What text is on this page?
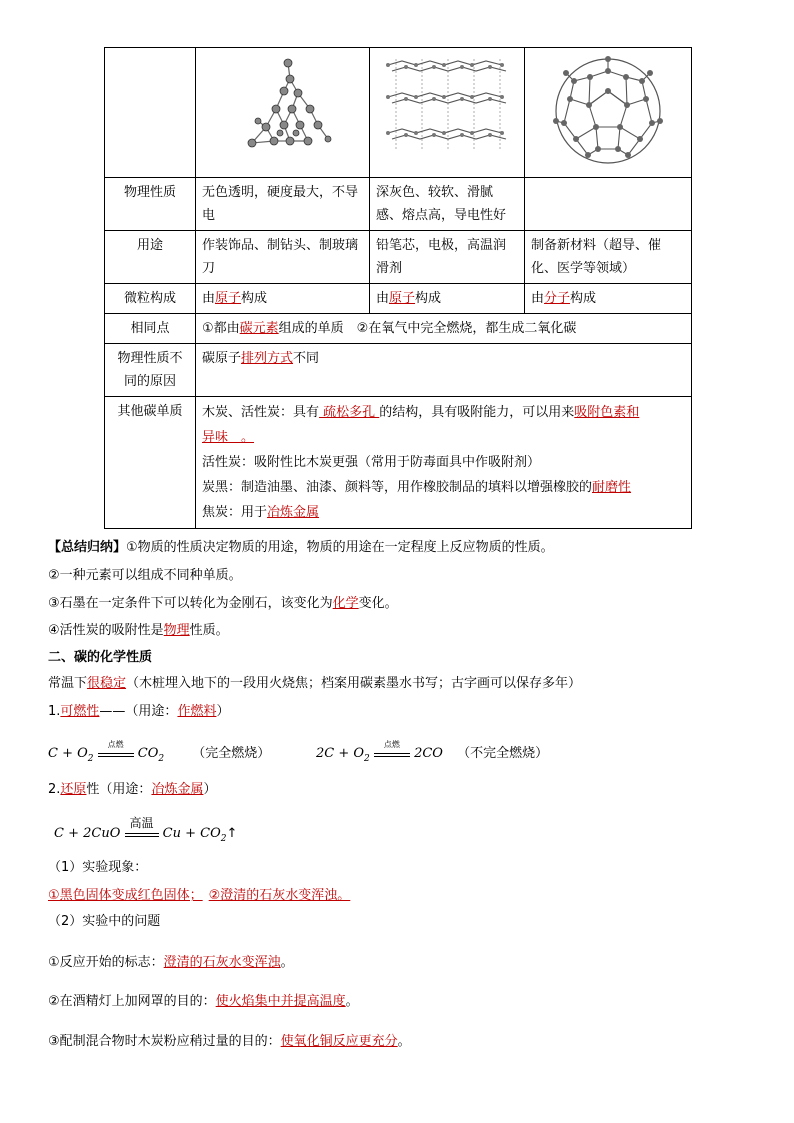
物理性质	无色透明，硬度最大，不导电	深灰色、较软、滑腻感、熔点高，导电性好	
用途	作装饰品、制钻头、制玻璃刀	铅笔芯，电极，高温润滑剂	制备新材料（超导、催化、医学等领域）
微粒构成	由原子构成	由原子构成	由分子构成
相同点	①都由碳元素组成的单质　②在氧气中完全燃烧，都生成二氧化碳		
物理性质不
同的原因	碳原子排列方式不同		
其他碳单质	木炭、活性炭：具有 疏松多孔 的结构，具有吸附能力，可以用来吸附色素和
异味　。
活性炭：吸附性比木炭更强（常用于防毒面具中作吸附剂）
炭黑：制造油墨、油漆、颜料等，用作橡胶制品的填料以增强橡胶的耐磨性
焦炭：用于冶炼金属		
【总结归纳】①物质的性质决定物质的用途，物质的用途在一定程度上反应物质的性质。
②一种元素可以组成不同种单质。
③石墨在一定条件下可以转化为金刚石，该变化为化学变化。
④活性炭的吸附性是物理性质。
二、碳的化学性质
常温下很稳定（木桩埋入地下的一段用火烧焦；档案用碳素墨水书写；古字画可以保存多年）
1.可燃性——（用途：作燃料）
$C + O_2$
点燃
$CO_2$ （完全燃烧）	$2C + O_2$
点燃
2CO （不完全燃烧）
2.还原性（用途：冶炼金属）
C + 2CuO
高温
$Cu + CO_2↑$
（1）实验现象：
①黑色固体变成红色固体； ②澄清的石灰水变浑浊。
（2）实验中的问题
①反应开始的标志：澄清的石灰水变浑浊。
②在酒精灯上加网罩的目的：使火焰集中并提高温度。
③配制混合物时木炭粉应稍过量的目的：使氧化铜反应更充分。
